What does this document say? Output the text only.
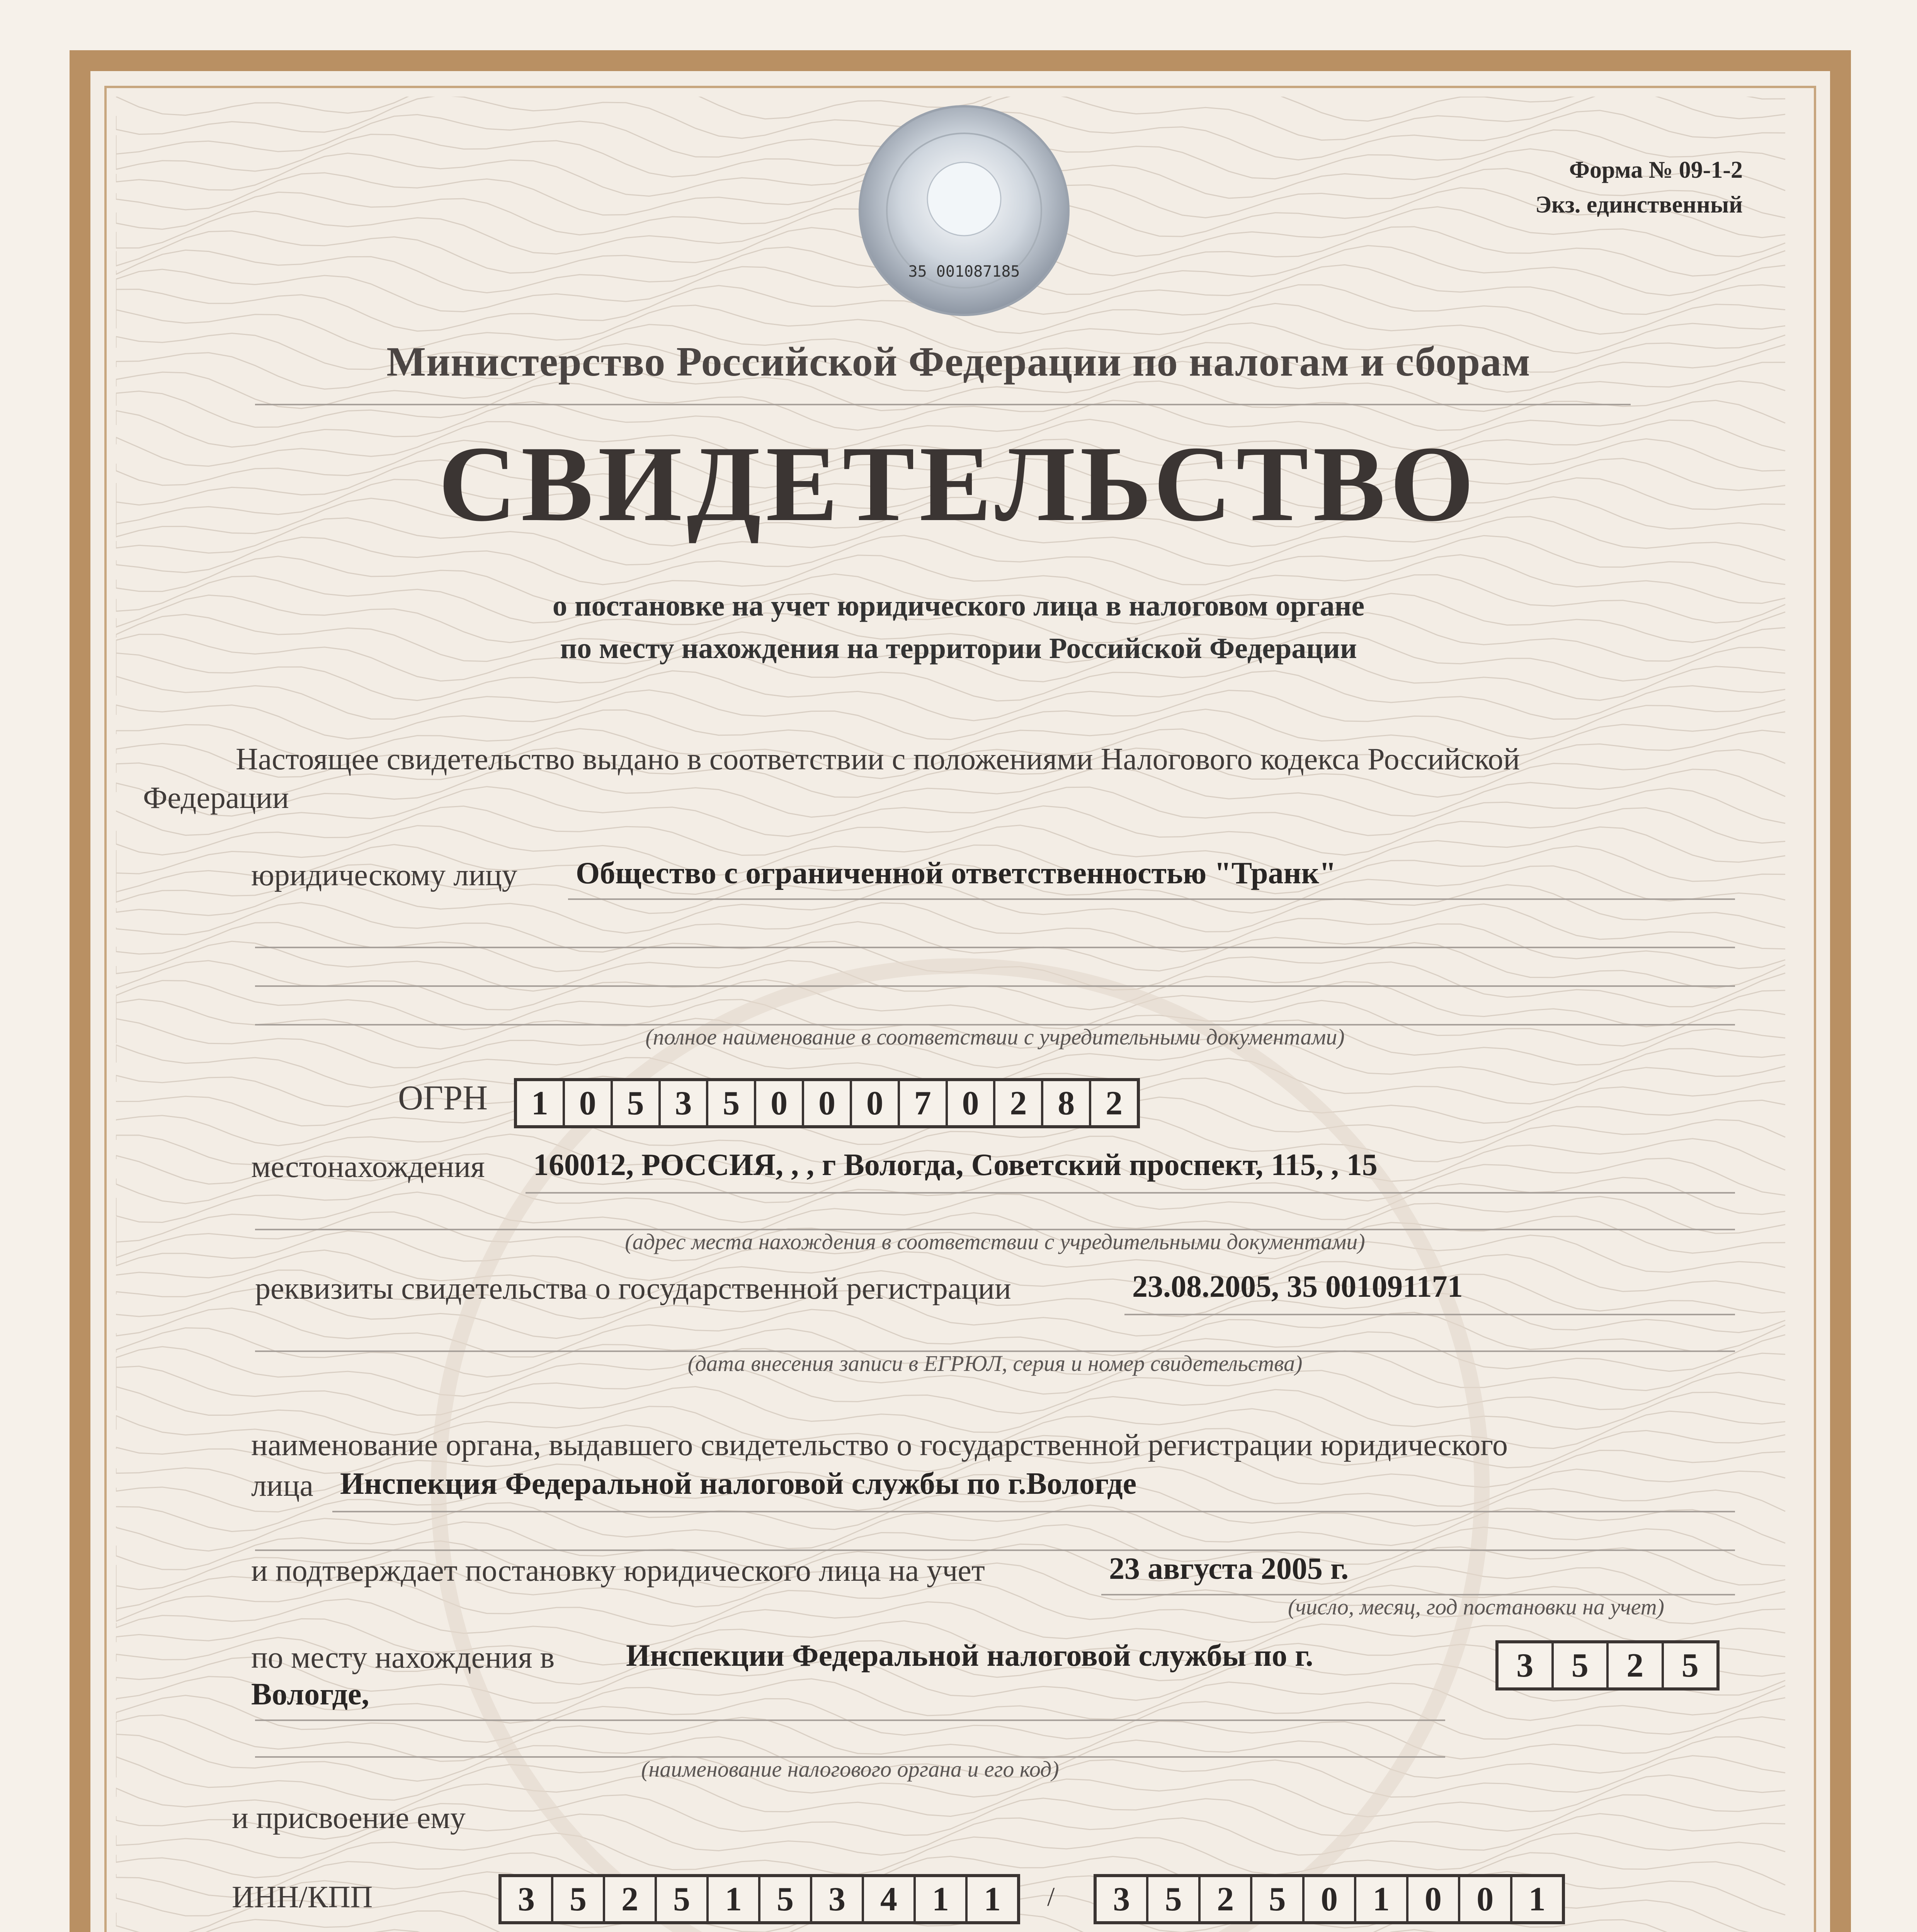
35 001087185
Форма № 09-1-2
Экз. единственный
Министерство Российской Федерации по налогам и сборам
СВИДЕТЕЛЬСТВО
о постановке на учет юридического лица в налоговом органе
по месту нахождения на территории Российской Федерации
Настоящее свидетельство выдано в соответствии с положениями Налогового кодекса Российской
Федерации
юридическому лицу Общество с ограниченной ответственностью "Транк"
(полное наименование в соответствии с учредительными документами)
ОГРН	1 0 5 3 5 0 0 0 7 0 2 8 2
местонахождения 160012, РОССИЯ, , , г Вологда, Советский проспект, 115, , 15
(адрес места нахождения в соответствии с учредительными документами)
реквизиты свидетельства о государственной регистрации	23.08.2005, 35 001091171
(дата внесения записи в ЕГРЮЛ, серия и номер свидетельства)
наименование органа, выдавшего свидетельство о государственной регистрации юридического
лица Инспекция Федеральной налоговой службы по г.Вологде
и подтверждает постановку юридического лица на учет	23 августа 2005 г.
(число, месяц, год постановки на учет)
по месту нахождения в Инспекции Федеральной налоговой службы по г.
Вологде,
3	5	2	5
(наименование налогового органа и его код)
и присвоение ему
ИНН/КПП	3	5	2	5	1	5	3	4	1	1	/	3	5	2	5	0	1	0	0	1
